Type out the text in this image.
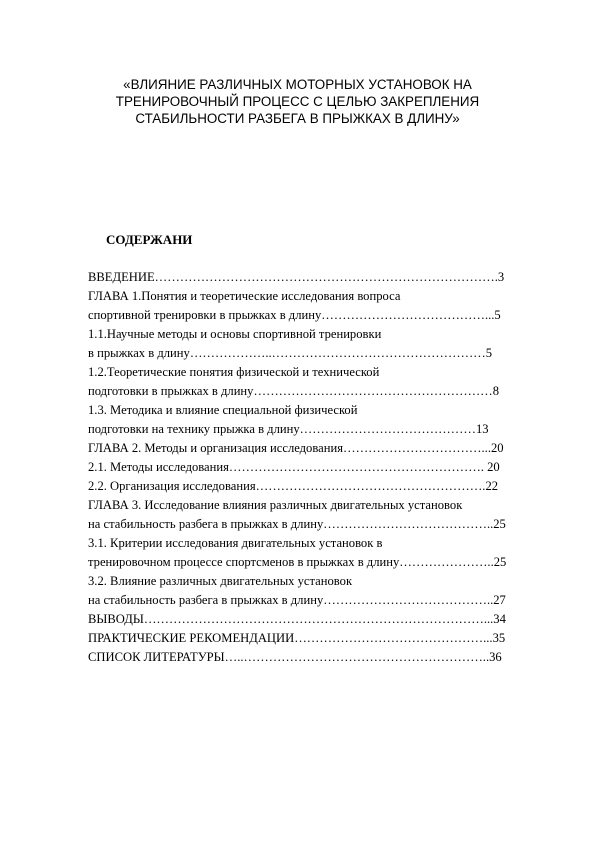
«ВЛИЯНИЕ РАЗЛИЧНЫХ МОТОРНЫХ УСТАНОВОК НА
ТРЕНИРОВОЧНЫЙ ПРОЦЕСС С ЦЕЛЬЮ ЗАКРЕПЛЕНИЯ
СТАБИЛЬНОСТИ РАЗБЕГА В ПРЫЖКАХ В ДЛИНУ»
СОДЕРЖАНИ
ВВЕДЕНИЕ……………………………………………………………………….3
ГЛАВА 1.Понятия и теоретические исследования вопроса
спортивной тренировки в прыжках в длину…………………………………...5
1.1.Научные методы и основы спортивной тренировки
в прыжках в длину………………..……………………………………………5
1.2.Теоретические понятия физической и технической
подготовки в прыжках в длину…………………………………………………8
1.3. Методика и влияние специальной физической
подготовки на технику прыжка в длину……………………………………13
ГЛАВА 2. Методы и организация исследования……………………………...20
2.1. Методы исследования……………………………………………………. 20
2.2. Организация исследования……………………………………………….22
ГЛАВА 3. Исследование влияния различных двигательных установок
на стабильность разбега в прыжках в длину…………………………………..25
3.1. Критерии исследования двигательных установок в
тренировочном процессе спортсменов в прыжках в длину…………………..25
3.2. Влияние различных двигательных установок
на стабильность разбега в прыжках в длину…………………………………..27
ВЫВОДЫ………………………………………………………………………...34
ПРАКТИЧЕСКИЕ РЕКОМЕНДАЦИИ………………………………………...35
СПИСОК ЛИТЕРАТУРЫ…..…………………………………………………..36
